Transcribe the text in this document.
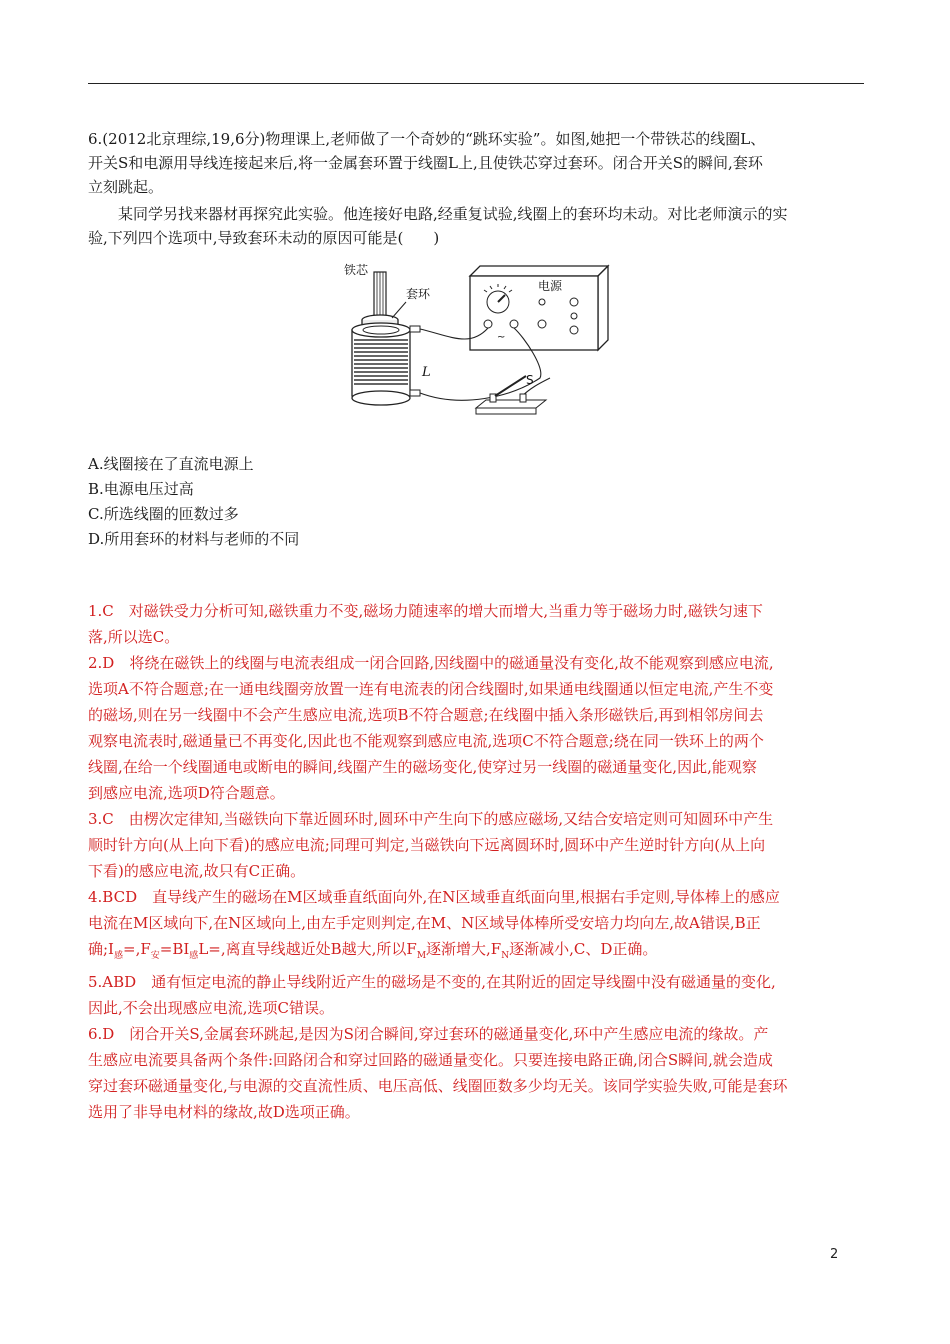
6.(2012北京理综,19,6分)物理课上,老师做了一个奇妙的“跳环实验”。如图,她把一个带铁芯的线圈L、

开关S和电源用导线连接起来后,将一金属套环置于线圈L上,且使铁芯穿过套环。闭合开关S的瞬间,套环

立刻跳起。

某同学另找来器材再探究此实验。他连接好电路,经重复试验,线圈上的套环均未动。对比老师演示的实

验,下列四个选项中,导致套环未动的原因可能是(　　)

铁芯
套环
L
电源
~
S
A.线圈接在了直流电源上
B.电源电压过高
C.所选线圈的匝数过多
D.所用套环的材料与老师的不同

1.C　对磁铁受力分析可知,磁铁重力不变,磁场力随速率的增大而增大,当重力等于磁场力时,磁铁匀速下

落,所以选C。

2.D　将绕在磁铁上的线圈与电流表组成一闭合回路,因线圈中的磁通量没有变化,故不能观察到感应电流,

选项A不符合题意;在一通电线圈旁放置一连有电流表的闭合线圈时,如果通电线圈通以恒定电流,产生不变

的磁场,则在另一线圈中不会产生感应电流,选项B不符合题意;在线圈中插入条形磁铁后,再到相邻房间去

观察电流表时,磁通量已不再变化,因此也不能观察到感应电流,选项C不符合题意;绕在同一铁环上的两个

线圈,在给一个线圈通电或断电的瞬间,线圈产生的磁场变化,使穿过另一线圈的磁通量变化,因此,能观察

到感应电流,选项D符合题意。

3.C　由楞次定律知,当磁铁向下靠近圆环时,圆环中产生向下的感应磁场,又结合安培定则可知圆环中产生

顺时针方向(从上向下看)的感应电流;同理可判定,当磁铁向下远离圆环时,圆环中产生逆时针方向(从上向

下看)的感应电流,故只有C正确。

4.BCD　直导线产生的磁场在M区域垂直纸面向外,在N区域垂直纸面向里,根据右手定则,导体棒上的感应

电流在M区域向下,在N区域向上,由左手定则判定,在M、N区域导体棒所受安培力均向左,故A错误,B正

确$;I_感=,F_安=BI_感L=$,离直导线越近处B越大,所以$F_M$逐渐增大$,F_N$逐渐减小,C、D正确。

5.ABD　通有恒定电流的静止导线附近产生的磁场是不变的,在其附近的固定导线圈中没有磁通量的变化,

因此,不会出现感应电流,选项C错误。

6.D　闭合开关S,金属套环跳起,是因为S闭合瞬间,穿过套环的磁通量变化,环中产生感应电流的缘故。产

生感应电流要具备两个条件:回路闭合和穿过回路的磁通量变化。只要连接电路正确,闭合S瞬间,就会造成

穿过套环磁通量变化,与电源的交直流性质、电压高低、线圈匝数多少均无关。该同学实验失败,可能是套环

选用了非导电材料的缘故,故D选项正确。

2
